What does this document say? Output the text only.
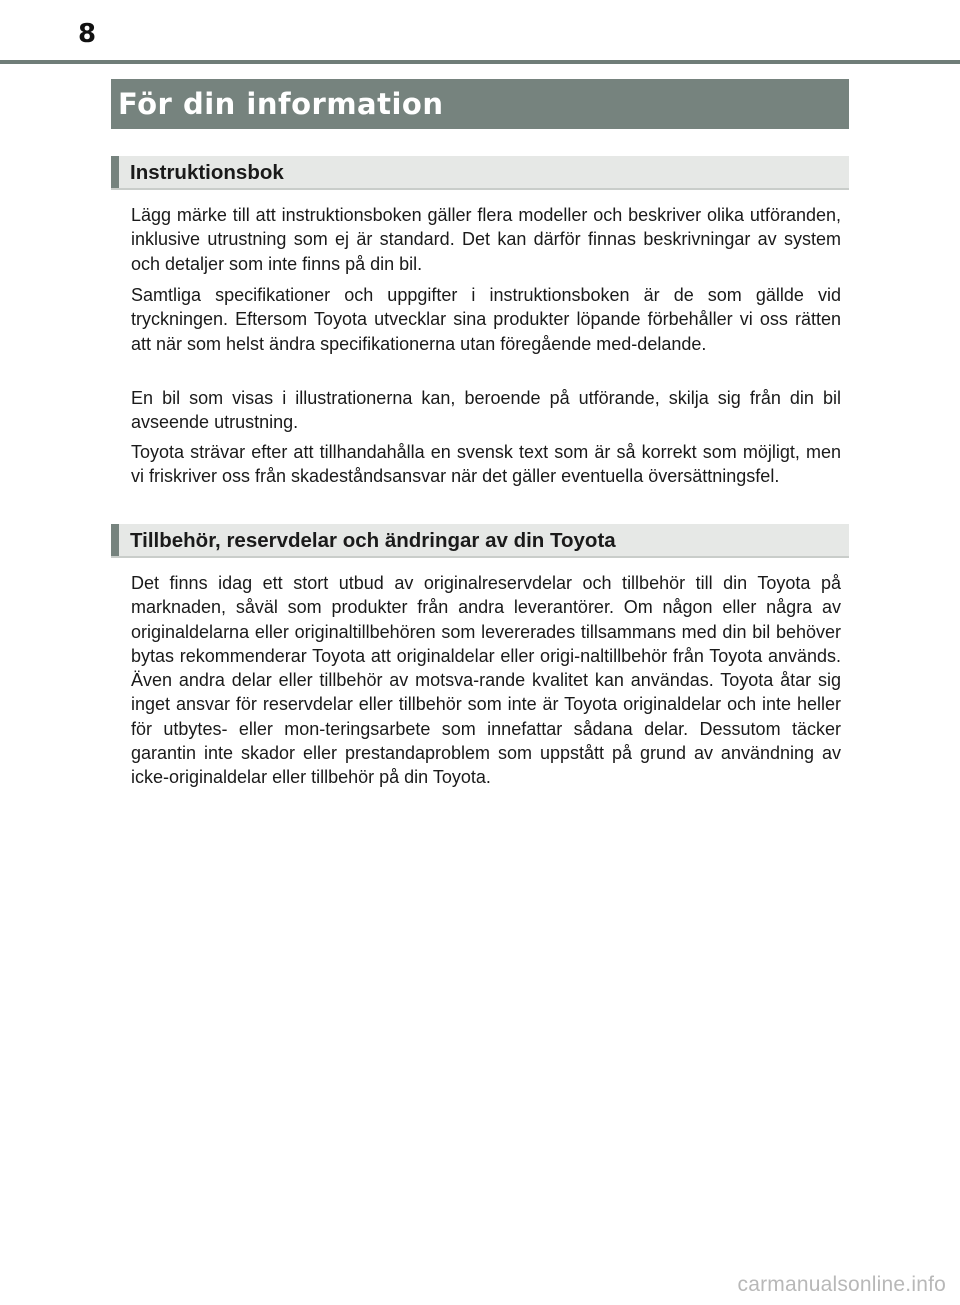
8
För din information
Instruktionsbok

Lägg märke till att instruktionsboken gäller flera modeller och beskriver olika utföranden, inklusive utrustning som ej är standard. Det kan därför finnas beskrivningar av system och detaljer som inte finns på din bil.

Samtliga specifikationer och uppgifter i instruktionsboken är de som gällde vid tryckningen. Eftersom Toyota utvecklar sina produkter löpande förbehåller vi oss rätten att när som helst ändra specifikationerna utan föregående med-delande.

En bil som visas i illustrationerna kan, beroende på utförande, skilja sig från din bil avseende utrustning.

Toyota strävar efter att tillhandahålla en svensk text som är så korrekt som möjligt, men vi friskriver oss från skadeståndsansvar när det gäller eventuella översättningsfel.

Tillbehör, reservdelar och ändringar av din Toyota

Det finns idag ett stort utbud av originalreservdelar och tillbehör till din Toyota på marknaden, såväl som produkter från andra leverantörer. Om någon eller några av originaldelarna eller originaltillbehören som levererades tillsammans med din bil behöver bytas rekommenderar Toyota att originaldelar eller origi-naltillbehör från Toyota används. Även andra delar eller tillbehör av motsva-rande kvalitet kan användas. Toyota åtar sig inget ansvar för reservdelar eller tillbehör som inte är Toyota originaldelar och inte heller för utbytes- eller mon-teringsarbete som innefattar sådana delar. Dessutom täcker garantin inte skador eller prestandaproblem som uppstått på grund av användning av icke-originaldelar eller tillbehör på din Toyota.

carmanualsonline.info
